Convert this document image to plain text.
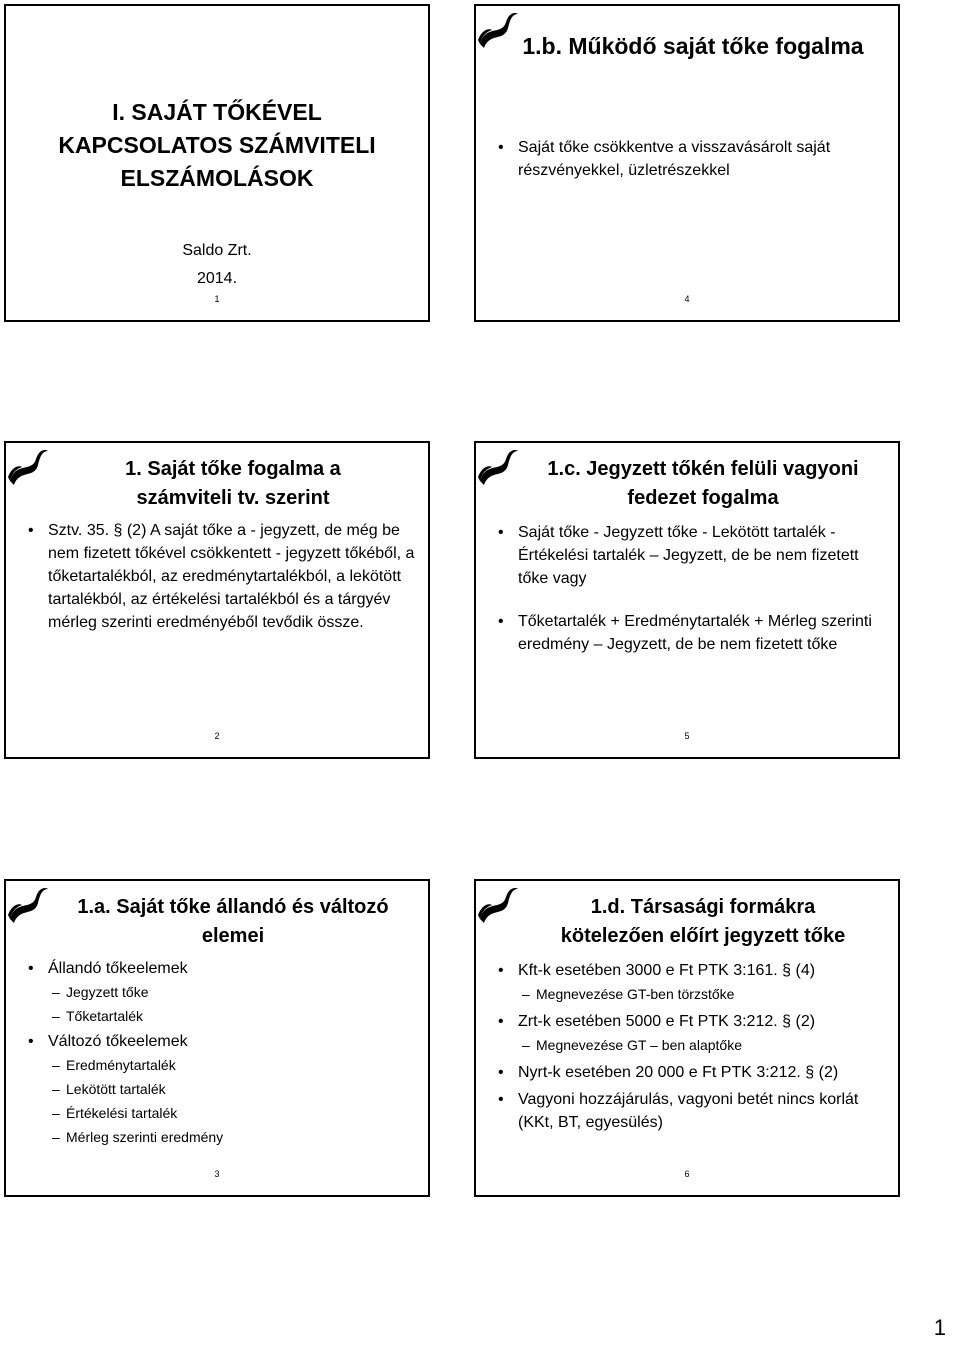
I. SAJÁT TŐKÉVEL
KAPCSOLATOS SZÁMVITELI
ELSZÁMOLÁSOK
Saldo Zrt.
2014.
1
1.b. Működő saját tőke fogalma

• Saját tőke csökkentve a visszavásárolt saját részvényekkel, üzletrészekkel

4
1. Saját tőke fogalma a
számviteli tv. szerint

• Sztv. 35. § (2) A saját tőke a - jegyzett, de még be nem fizetett tőkével csökkentett - jegyzett tőkéből, a tőketartalékból, az eredménytartalékból, a lekötött tartalékból, az értékelési tartalékból és a tárgyév mérleg szerinti eredményéből tevődik össze.

2
1.c. Jegyzett tőkén felüli vagyoni
fedezet fogalma

• Saját tőke - Jegyzett tőke - Lekötött tartalék - Értékelési tartalék – Jegyzett, de be nem fizetett tőke vagy

• Tőketartalék + Eredménytartalék + Mérleg szerinti eredmény – Jegyzett, de be nem fizetett tőke

5
1.a. Saját tőke állandó és változó
elemei

• Állandó tőkeelemek

– Jegyzett tőke

– Tőketartalék

• Változó tőkeelemek

– Eredménytartalék

– Lekötött tartalék

– Értékelési tartalék

– Mérleg szerinti eredmény

3
1.d. Társasági formákra
kötelezően előírt jegyzett tőke

• Kft-k esetében 3000 e Ft PTK 3:161. § (4)

– Megnevezése GT-ben törzstőke

• Zrt-k esetében 5000 e Ft PTK 3:212. § (2)

– Megnevezése GT – ben alaptőke

• Nyrt-k esetében 20 000 e Ft PTK 3:212. § (2)

• Vagyoni hozzájárulás, vagyoni betét nincs korlát (KKt, BT, egyesülés)

6
1
